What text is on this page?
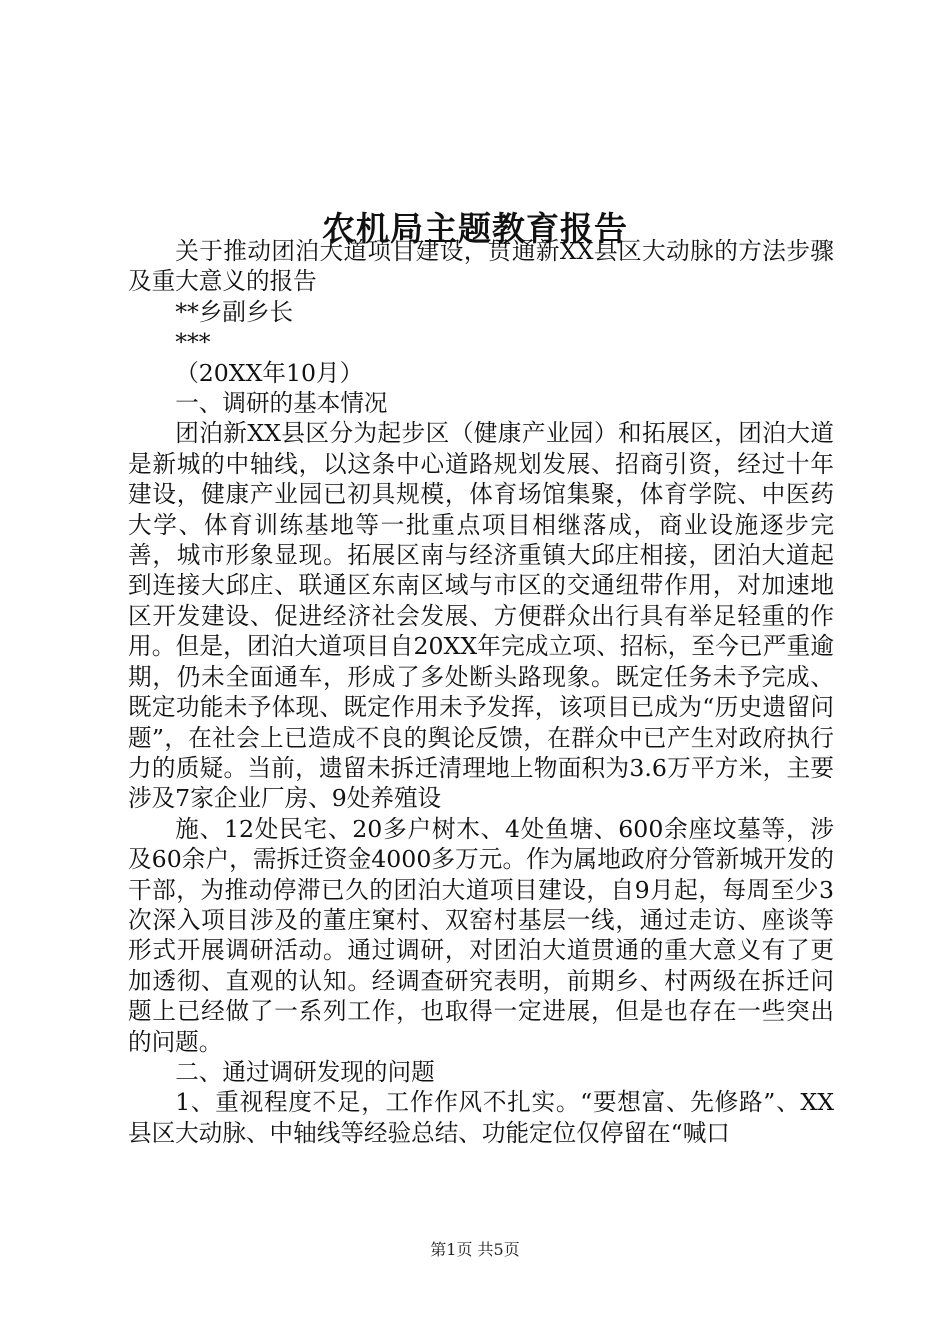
农机局主题教育报告

关于推动团泊大道项目建设，贯通新XX县区大动脉的方法步骤及重大意义的报告

**乡副乡长

***

（20XX年10月）

一、调研的基本情况

团泊新XX县区分为起步区（健康产业园）和拓展区，团泊大道是新城的中轴线，以这条中心道路规划发展、招商引资，经过十年建设，健康产业园已初具规模，体育场馆集聚，体育学院、中医药大学、体育训练基地等一批重点项目相继落成，商业设施逐步完善，城市形象显现。拓展区南与经济重镇大邱庄相接，团泊大道起到连接大邱庄、联通区东南区域与市区的交通纽带作用，对加速地区开发建设、促进经济社会发展、方便群众出行具有举足轻重的作用。但是，团泊大道项目自20XX年完成立项、招标，至今已严重逾期，仍未全面通车，形成了多处断头路现象。既定任务未予完成、既定功能未予体现、既定作用未予发挥，该项目已成为“历史遗留问题”，在社会上已造成不良的舆论反馈，在群众中已产生对政府执行力的质疑。当前，遗留未拆迁清理地上物面积为3.6万平方米，主要涉及7家企业厂房、9处养殖设

施、12处民宅、20多户树木、4处鱼塘、600余座坟墓等，涉及60余户，需拆迁资金4000多万元。作为属地政府分管新城开发的干部，为推动停滞已久的团泊大道项目建设，自9月起，每周至少3次深入项目涉及的董庄窠村、双窑村基层一线，通过走访、座谈等形式开展调研活动。通过调研，对团泊大道贯通的重大意义有了更加透彻、直观的认知。经调查研究表明，前期乡、村两级在拆迁问题上已经做了一系列工作，也取得一定进展，但是也存在一些突出的问题。

二、通过调研发现的问题

1、重视程度不足，工作作风不扎实。“要想富、先修路”、XX县区大动脉、中轴线等经验总结、功能定位仅停留在“喊口

第1页 共5页
